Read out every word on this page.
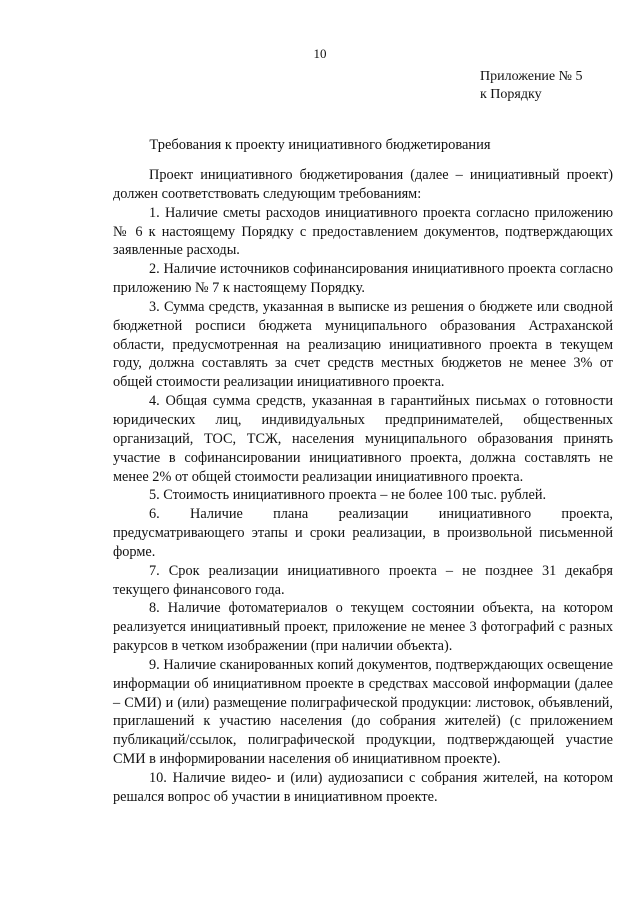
10
Приложение № 5
к Порядку
Требования к проекту инициативного бюджетирования

Проект инициативного бюджетирования (далее – инициативный проект) должен соответствовать следующим требованиям:

1. Наличие сметы расходов инициативного проекта согласно приложению № 6 к настоящему Порядку с предоставлением документов, подтверждающих заявленные расходы.

2. Наличие источников софинансирования инициативного проекта согласно приложению № 7 к настоящему Порядку.

3. Сумма средств, указанная в выписке из решения о бюджете или сводной бюджетной росписи бюджета муниципального образования Астраханской области, предусмотренная на реализацию инициативного проекта в текущем году, должна составлять за счет средств местных бюджетов не менее 3% от общей стоимости реализации инициативного проекта.

4. Общая сумма средств, указанная в гарантийных письмах о готовности юридических лиц, индивидуальных предпринимателей, общественных организаций, ТОС, ТСЖ, населения муниципального образования принять участие в софинансировании инициативного проекта, должна составлять не менее 2% от общей стоимости реализации инициативного проекта.

5. Стоимость инициативного проекта – не более 100 тыс. рублей.

6. Наличие плана реализации инициативного проекта, предусматривающего этапы и сроки реализации, в произвольной письменной форме.

7. Срок реализации инициативного проекта – не позднее 31 декабря текущего финансового года.

8. Наличие фотоматериалов о текущем состоянии объекта, на котором реализуется инициативный проект, приложение не менее 3 фотографий с разных ракурсов в четком изображении (при наличии объекта).

9. Наличие сканированных копий документов, подтверждающих освещение информации об инициативном проекте в средствах массовой информации (далее – СМИ) и (или) размещение полиграфической продукции: листовок, объявлений, приглашений к участию населения (до собрания жителей) (с приложением публикаций/ссылок, полиграфической продукции, подтверждающей участие СМИ в информировании населения об инициативном проекте).

10. Наличие видео- и (или) аудиозаписи с собрания жителей, на котором решался вопрос об участии в инициативном проекте.
